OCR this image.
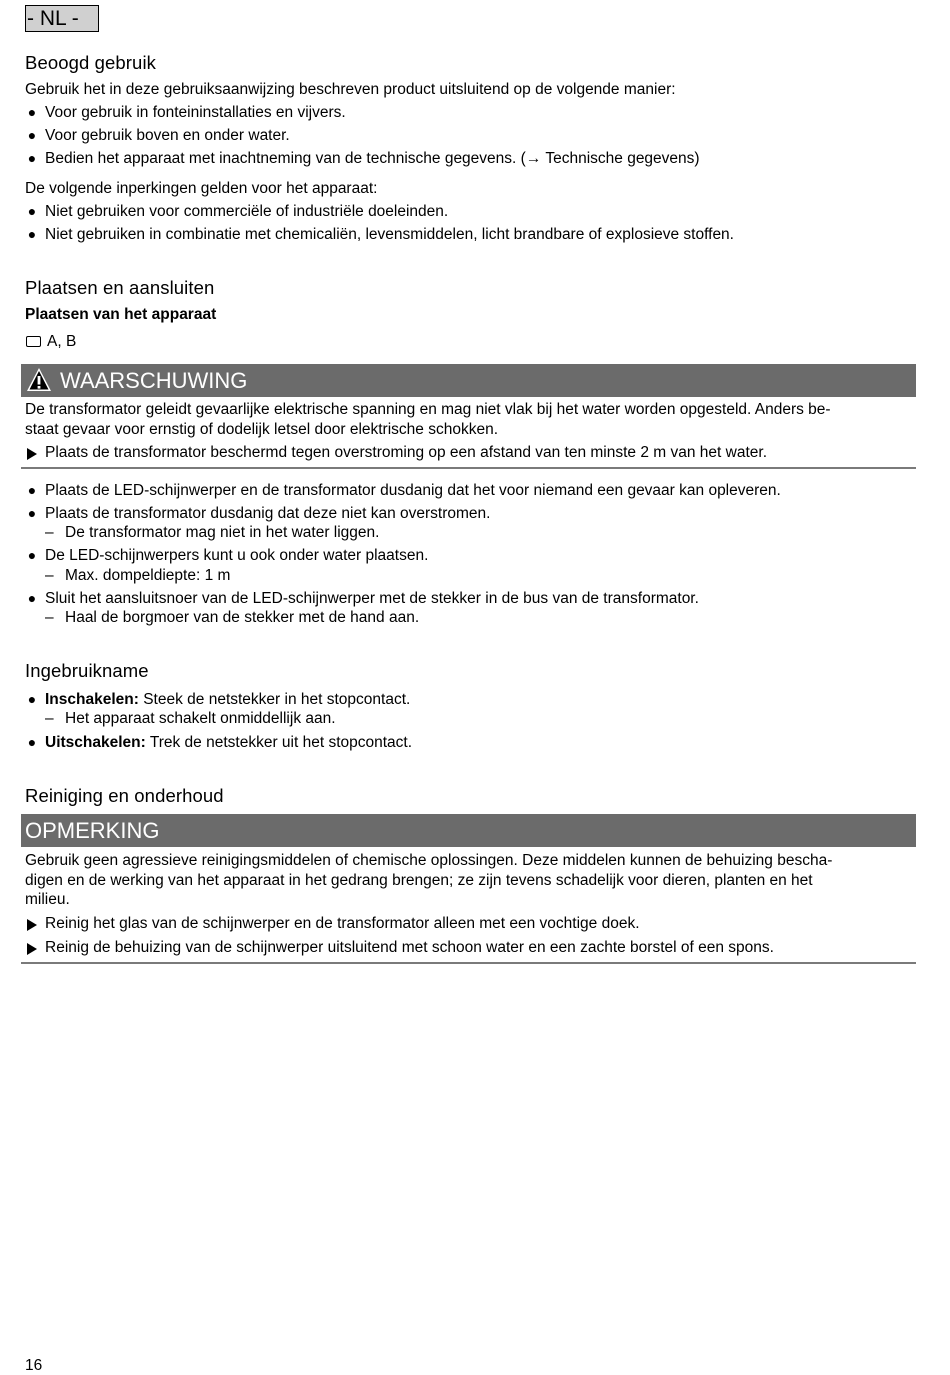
- NL -
Beoogd gebruik
Gebruik het in deze gebruiksaanwijzing beschreven product uitsluitend op de volgende manier:
● Voor gebruik in fonteininstallaties en vijvers.
● Voor gebruik boven en onder water.
● Bedien het apparaat met inachtneming van de technische gegevens. (→ Technische gegevens)
De volgende inperkingen gelden voor het apparaat:
● Niet gebruiken voor commerciële of industriële doeleinden.
● Niet gebruiken in combinatie met chemicaliën, levensmiddelen, licht brandbare of explosieve stoffen.
Plaatsen en aansluiten
Plaatsen van het apparaat
A, B
WAARSCHUWING
De transformator geleidt gevaarlijke elektrische spanning en mag niet vlak bij het water worden opgesteld. Anders be-
staat gevaar voor ernstig of dodelijk letsel door elektrische schokken.
Plaats de transformator beschermd tegen overstroming op een afstand van ten minste 2 m van het water.
● Plaats de LED-schijnwerper en de transformator dusdanig dat het voor niemand een gevaar kan opleveren.
● Plaats de transformator dusdanig dat deze niet kan overstromen.
– De transformator mag niet in het water liggen.
● De LED-schijnwerpers kunt u ook onder water plaatsen.
– Max. dompeldiepte: 1 m
● Sluit het aansluitsnoer van de LED-schijnwerper met de stekker in de bus van de transformator.
– Haal de borgmoer van de stekker met de hand aan.
Ingebruikname
● Inschakelen: Steek de netstekker in het stopcontact.
– Het apparaat schakelt onmiddellijk aan.
● Uitschakelen: Trek de netstekker uit het stopcontact.
Reiniging en onderhoud
OPMERKING
Gebruik geen agressieve reinigingsmiddelen of chemische oplossingen. Deze middelen kunnen de behuizing bescha-
digen en de werking van het apparaat in het gedrang brengen; ze zijn tevens schadelijk voor dieren, planten en het
milieu.
Reinig het glas van de schijnwerper en de transformator alleen met een vochtige doek.
Reinig de behuizing van de schijnwerper uitsluitend met schoon water en een zachte borstel of een spons.
16
